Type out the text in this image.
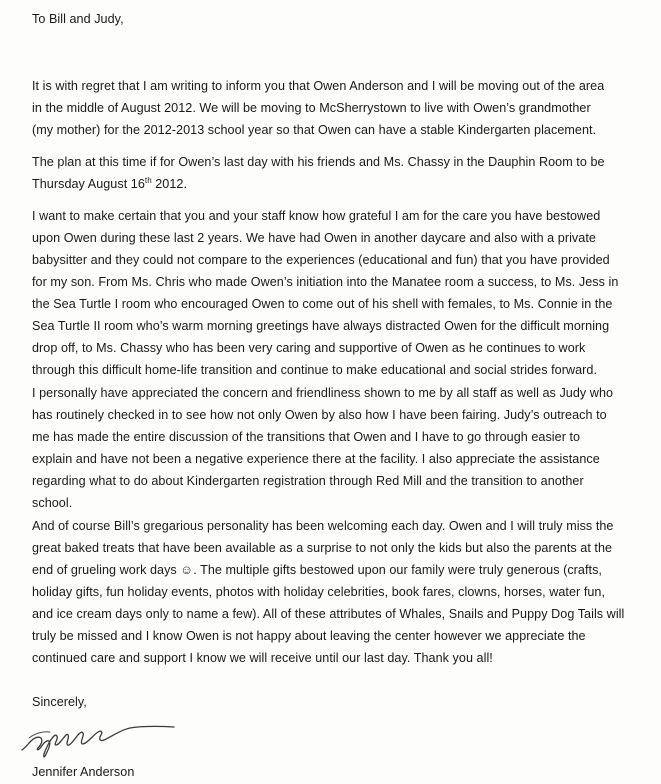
To Bill and Judy,
It is with regret that I am writing to inform you that Owen Anderson and I will be moving out of the area
in the middle of August 2012. We will be moving to McSherrystown to live with Owen’s grandmother
(my mother) for the 2012-2013 school year so that Owen can have a stable Kindergarten placement.
The plan at this time if for Owen’s last day with his friends and Ms. Chassy in the Dauphin Room to be
Thursday August 16th 2012.
I want to make certain that you and your staff know how grateful I am for the care you have bestowed
upon Owen during these last 2 years. We have had Owen in another daycare and also with a private
babysitter and they could not compare to the experiences (educational and fun) that you have provided
for my son. From Ms. Chris who made Owen’s initiation into the Manatee room a success, to Ms. Jess in
the Sea Turtle I room who encouraged Owen to come out of his shell with females, to Ms. Connie in the
Sea Turtle II room who’s warm morning greetings have always distracted Owen for the difficult morning
drop off, to Ms. Chassy who has been very caring and supportive of Owen as he continues to work
through this difficult home-life transition and continue to make educational and social strides forward.
I personally have appreciated the concern and friendliness shown to me by all staff as well as Judy who
has routinely checked in to see how not only Owen by also how I have been fairing. Judy’s outreach to
me has made the entire discussion of the transitions that Owen and I have to go through easier to
explain and have not been a negative experience there at the facility. I also appreciate the assistance
regarding what to do about Kindergarten registration through Red Mill and the transition to another
school.
And of course Bill’s gregarious personality has been welcoming each day. Owen and I will truly miss the
great baked treats that have been available as a surprise to not only the kids but also the parents at the
end of grueling work days ☺. The multiple gifts bestowed upon our family were truly generous (crafts,
holiday gifts, fun holiday events, photos with holiday celebrities, book fares, clowns, horses, water fun,
and ice cream days only to name a few). All of these attributes of Whales, Snails and Puppy Dog Tails will
truly be missed and I know Owen is not happy about leaving the center however we appreciate the
continued care and support I know we will receive until our last day. Thank you all!
Sincerely,
Jennifer Anderson
